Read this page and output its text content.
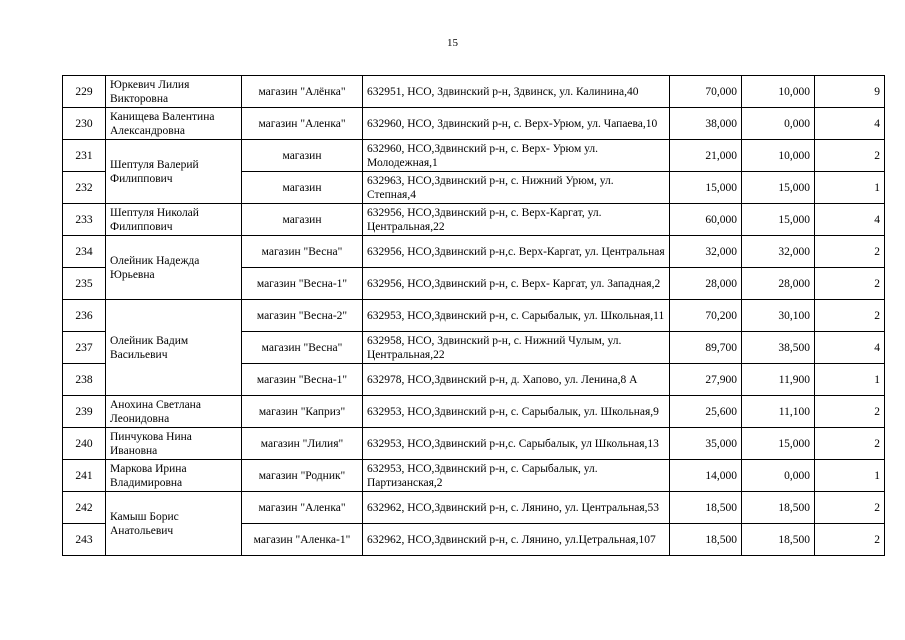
15
229	Юркевич Лилия Викторовна	магазин "Алёнка"	632951, НСО, Здвинский р-н, Здвинск, ул. Калинина,40	70,000	10,000	9
230	Канищева Валентина Александровна	магазин "Аленка"	632960, НСО, Здвинский р-н, с. Верх-Урюм, ул. Чапаева,10	38,000	0,000	4
231	Шептуля Валерий Филиппович	магазин	632960, НСО,Здвинский р-н, с. Верх- Урюм ул. Молодежная,1	21,000	10,000	2
232		магазин	632963, НСО,Здвинский р-н, с. Нижний Урюм, ул. Степная,4	15,000	15,000	1
233	Шептуля Николай Филиппович	магазин	632956, НСО,Здвинский р-н, с. Верх-Каргат, ул. Центральная,22	60,000	15,000	4
234	Олейник Надежда Юрьевна	магазин "Весна"	632956, НСО,Здвинский р-н,с. Верх-Каргат, ул. Центральная	32,000	32,000	2
235		магазин "Весна-1"	632956, НСО,Здвинский р-н, с. Верх- Каргат, ул. Западная,2	28,000	28,000	2
236	Олейник Вадим Васильевич	магазин "Весна-2"	632953, НСО,Здвинский р-н, с. Сарыбалык, ул. Школьная,11	70,200	30,100	2
237		магазин "Весна"	632958, НСО, Здвинский р-н, с. Нижний Чулым, ул. Центральная,22	89,700	38,500	4
238		магазин "Весна-1"	632978, НСО,Здвинский р-н, д. Хапово, ул. Ленина,8 А	27,900	11,900	1
239	Анохина Светлана Леонидовна	магазин "Каприз"	632953, НСО,Здвинский р-н, с. Сарыбалык, ул. Школьная,9	25,600	11,100	2
240	Пинчукова Нина Ивановна	магазин "Лилия"	632953, НСО,Здвинский р-н,с. Сарыбалык, ул Школьная,13	35,000	15,000	2
241	Маркова Ирина Владимировна	магазин "Родник"	632953, НСО,Здвинский р-н, с. Сарыбалык, ул. Партизанская,2	14,000	0,000	1
242	Камыш Борис Анатольевич	магазин "Аленка"	632962, НСО,Здвинский р-н, с. Лянино, ул. Центральная,53	18,500	18,500	2
243		магазин "Аленка-1"	632962, НСО,Здвинский р-н, с. Лянино, ул.Цетральная,107	18,500	18,500	2
